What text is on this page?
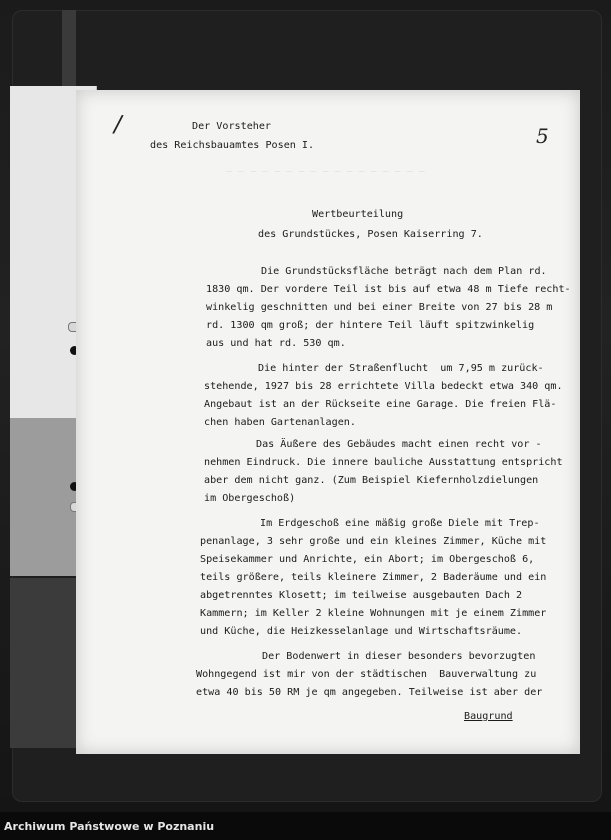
/	5
Der Vorsteher
des Reichsbauamtes Posen I.
— — — — — — — — — — — — — — — — —
Wertbeurteilung
des Grundstückes, Posen Kaiserring 7.
Die Grundstücksfläche beträgt nach dem Plan rd.
1830 qm. Der vordere Teil ist bis auf etwa 48 m Tiefe recht-
winkelig geschnitten und bei einer Breite von 27 bis 28 m
rd. 1300 qm groß; der hintere Teil läuft spitzwinkelig
aus und hat rd. 530 qm.
Die hinter der Straßenflucht  um 7,95 m zurück-
stehende, 1927 bis 28 errichtete Villa bedeckt etwa 340 qm.
Angebaut ist an der Rückseite eine Garage. Die freien Flä-
chen haben Gartenanlagen.
Das Äußere des Gebäudes macht einen recht vor -
nehmen Eindruck. Die innere bauliche Ausstattung entspricht
aber dem nicht ganz. (Zum Beispiel Kiefernholzdielungen
im Obergeschoß)
Im Erdgeschoß eine mäßig große Diele mit Trep-
penanlage, 3 sehr große und ein kleines Zimmer, Küche mit
Speisekammer und Anrichte, ein Abort; im Obergeschoß 6,
teils größere, teils kleinere Zimmer, 2 Baderäume und ein
abgetrenntes Klosett; im teilweise ausgebauten Dach 2
Kammern; im Keller 2 kleine Wohnungen mit je einem Zimmer
und Küche, die Heizkesselanlage und Wirtschaftsräume.
Der Bodenwert in dieser besonders bevorzugten
Wohngegend ist mir von der städtischen  Bauverwaltung zu
etwa 40 bis 50 RM je qm angegeben. Teilweise ist aber der
Baugrund
Archiwum Państwowe w Poznaniu
